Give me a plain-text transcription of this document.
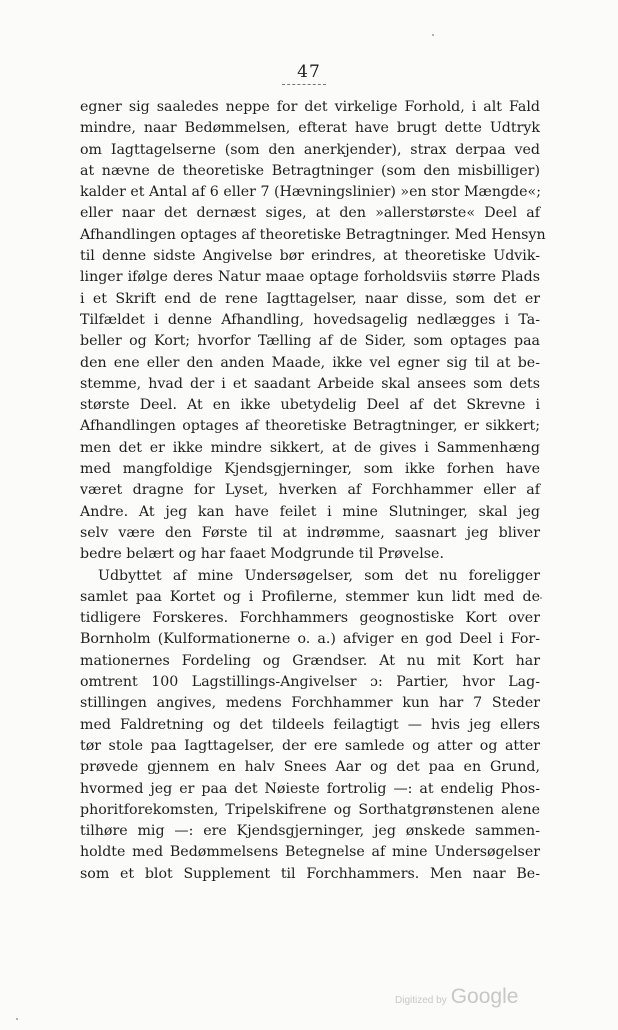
47
egner sig saaledes neppe for det virkelige Forhold, i alt Fald
mindre, naar Bedømmelsen, efterat have brugt dette Udtryk
om Iagttagelserne (som den anerkjender), strax derpaa ved
at nævne de theoretiske Betragtninger (som den misbilliger)
kalder et Antal af 6 eller 7 (Hævningslinier) »en stor Mængde«;
eller naar det dernæst siges, at den »allerstørste« Deel af
Afhandlingen optages af theoretiske Betragtninger. Med Hensyn
til denne sidste Angivelse bør erindres, at theoretiske Udvik-
linger ifølge deres Natur maae optage forholdsviis større Plads
i et Skrift end de rene Iagttagelser, naar disse, som det er
Tilfældet i denne Afhandling, hovedsagelig nedlægges i Ta-
beller og Kort; hvorfor Tælling af de Sider, som optages paa
den ene eller den anden Maade, ikke vel egner sig til at be-
stemme, hvad der i et saadant Arbeide skal ansees som dets
største Deel. At en ikke ubetydelig Deel af det Skrevne i
Afhandlingen optages af theoretiske Betragtninger, er sikkert;
men det er ikke mindre sikkert, at de gives i Sammenhæng
med mangfoldige Kjendsgjerninger, som ikke forhen have
været dragne for Lyset, hverken af Forchhammer eller af
Andre. At jeg kan have feilet i mine Slutninger, skal jeg
selv være den Første til at indrømme, saasnart jeg bliver
bedre belært og har faaet Modgrunde til Prøvelse.
Udbyttet af mine Undersøgelser, som det nu foreligger
samlet paa Kortet og i Profilerne, stemmer kun lidt med de
tidligere Forskeres. Forchhammers geognostiske Kort over
Bornholm (Kulformationerne o. a.) afviger en god Deel i For-
mationernes Fordeling og Grændser. At nu mit Kort har
omtrent 100 Lagstillings-Angivelser ɔ: Partier, hvor Lag-
stillingen angives, medens Forchhammer kun har 7 Steder
med Faldretning og det tildeels feilagtigt — hvis jeg ellers
tør stole paa Iagttagelser, der ere samlede og atter og atter
prøvede gjennem en halv Snees Aar og det paa en Grund,
hvormed jeg er paa det Nøieste fortrolig —: at endelig Phos-
phoritforekomsten, Tripelskifrene og Sorthatgrønstenen alene
tilhøre mig —: ere Kjendsgjerninger, jeg ønskede sammen-
holdte med Bedømmelsens Betegnelse af mine Undersøgelser
som et blot Supplement til Forchhammers. Men naar Be-
Digitized by Google
